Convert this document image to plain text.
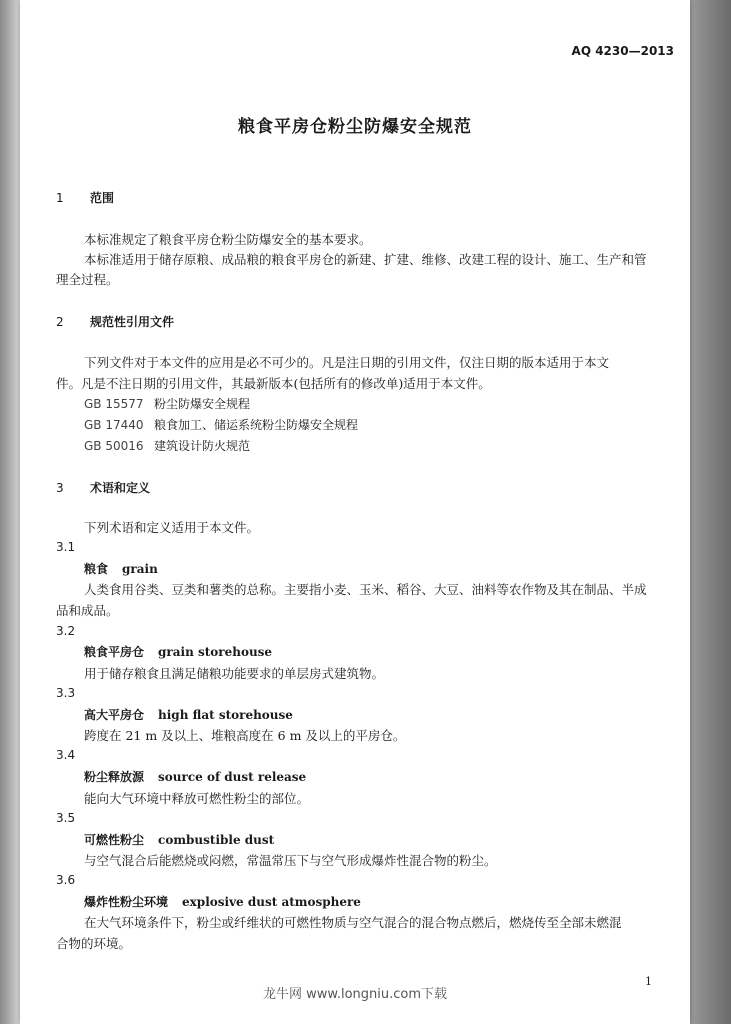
AQ 4230—2013
粮食平房仓粉尘防爆安全规范
1 范围
本标准规定了粮食平房仓粉尘防爆安全的基本要求。
本标准适用于储存原粮、成品粮的粮食平房仓的新建、扩建、维修、改建工程的设计、施工、生产和管
理全过程。
2 规范性引用文件
下列文件对于本文件的应用是必不可少的。凡是注日期的引用文件，仅注日期的版本适用于本文
件。凡是不注日期的引用文件，其最新版本(包括所有的修改单)适用于本文件。
GB 15577 粉尘防爆安全规程
GB 17440 粮食加工、储运系统粉尘防爆安全规程
GB 50016 建筑设计防火规范
3 术语和定义
下列术语和定义适用于本文件。
3.1
粮食 grain
人类食用谷类、豆类和薯类的总称。主要指小麦、玉米、稻谷、大豆、油料等农作物及其在制品、半成
品和成品。
3.2
粮食平房仓 grain storehouse
用于储存粮食且满足储粮功能要求的单层房式建筑物。
3.3
高大平房仓 high flat storehouse
跨度在 21 m 及以上、堆粮高度在 6 m 及以上的平房仓。
3.4
粉尘释放源 source of dust release
能向大气环境中释放可燃性粉尘的部位。
3.5
可燃性粉尘 combustible dust
与空气混合后能燃烧或闷燃，常温常压下与空气形成爆炸性混合物的粉尘。
3.6
爆炸性粉尘环境 explosive dust atmosphere
在大气环境条件下，粉尘或纤维状的可燃性物质与空气混合的混合物点燃后，燃烧传至全部未燃混
合物的环境。
1
龙牛网 www.longniu.com下载
